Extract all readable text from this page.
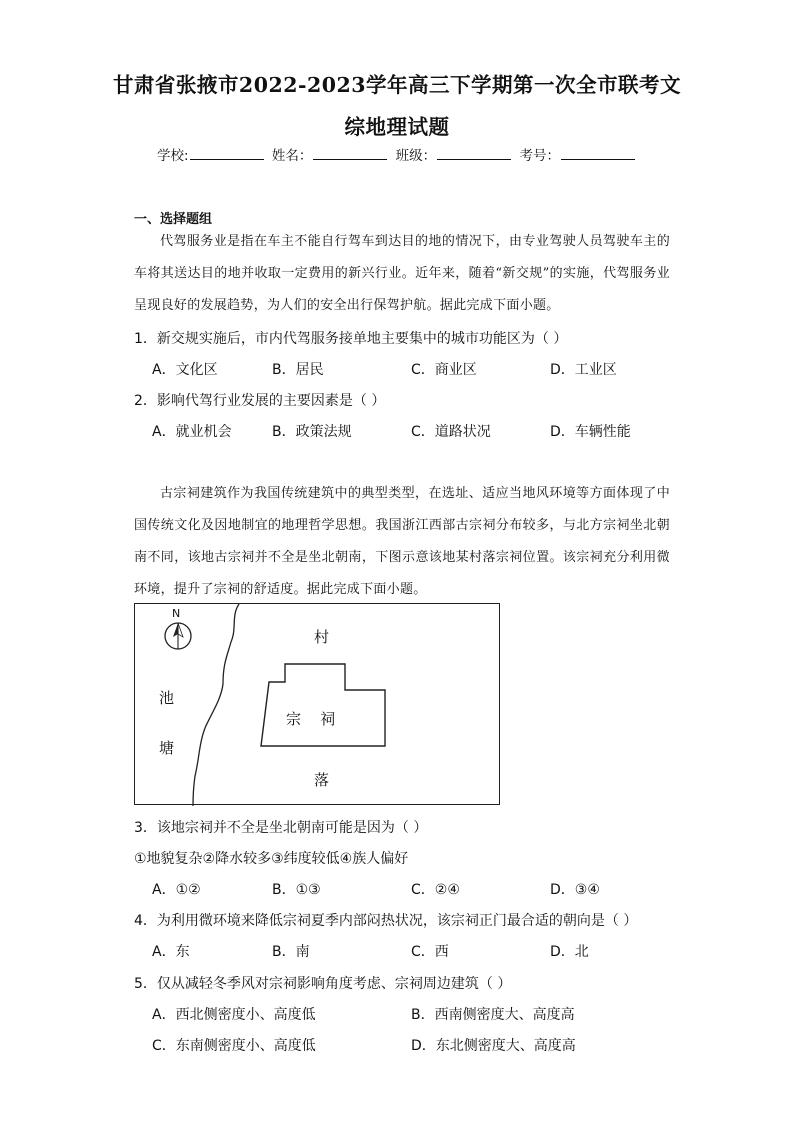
甘肃省张掖市2022-2023学年高三下学期第一次全市联考文
综地理试题
学校:	姓名：	班级：	考号：
一、选择题组
代驾服务业是指在车主不能自行驾车到达目的地的情况下，由专业驾驶人员驾驶车主的车将其送达目的地并收取一定费用的新兴行业。近年来，随着“新交规”的实施，代驾服务业呈现良好的发展趋势，为人们的安全出行保驾护航。据此完成下面小题。
1．新交规实施后，市内代驾服务接单地主要集中的城市功能区为（ ）
A．文化区	B．居民	C．商业区	D．工业区
2．影响代驾行业发展的主要因素是（ ）
A．就业机会	B．政策法规	C．道路状况	D．车辆性能
古宗祠建筑作为我国传统建筑中的典型类型，在选址、适应当地风环境等方面体现了中国传统文化及因地制宜的地理哲学思想。我国浙江西部古宗祠分布较多，与北方宗祠坐北朝南不同，该地古宗祠并不全是坐北朝南，下图示意该地某村落宗祠位置。该宗祠充分利用微环境，提升了宗祠的舒适度。据此完成下面小题。
N
村
落
池
塘
宗    祠
3．该地宗祠并不全是坐北朝南可能是因为（ ）
①地貌复杂②降水较多③纬度较低④族人偏好
A．①②	B．①③	C．②④	D．③④
4．为利用微环境来降低宗祠夏季内部闷热状况，该宗祠正门最合适的朝向是（ ）
A．东	B．南	C．西	D．北
5．仅从减轻冬季风对宗祠影响角度考虑、宗祠周边建筑（ ）
A．西北侧密度小、高度低	B．西南侧密度大、高度高
C．东南侧密度小、高度低	D．东北侧密度大、高度高
